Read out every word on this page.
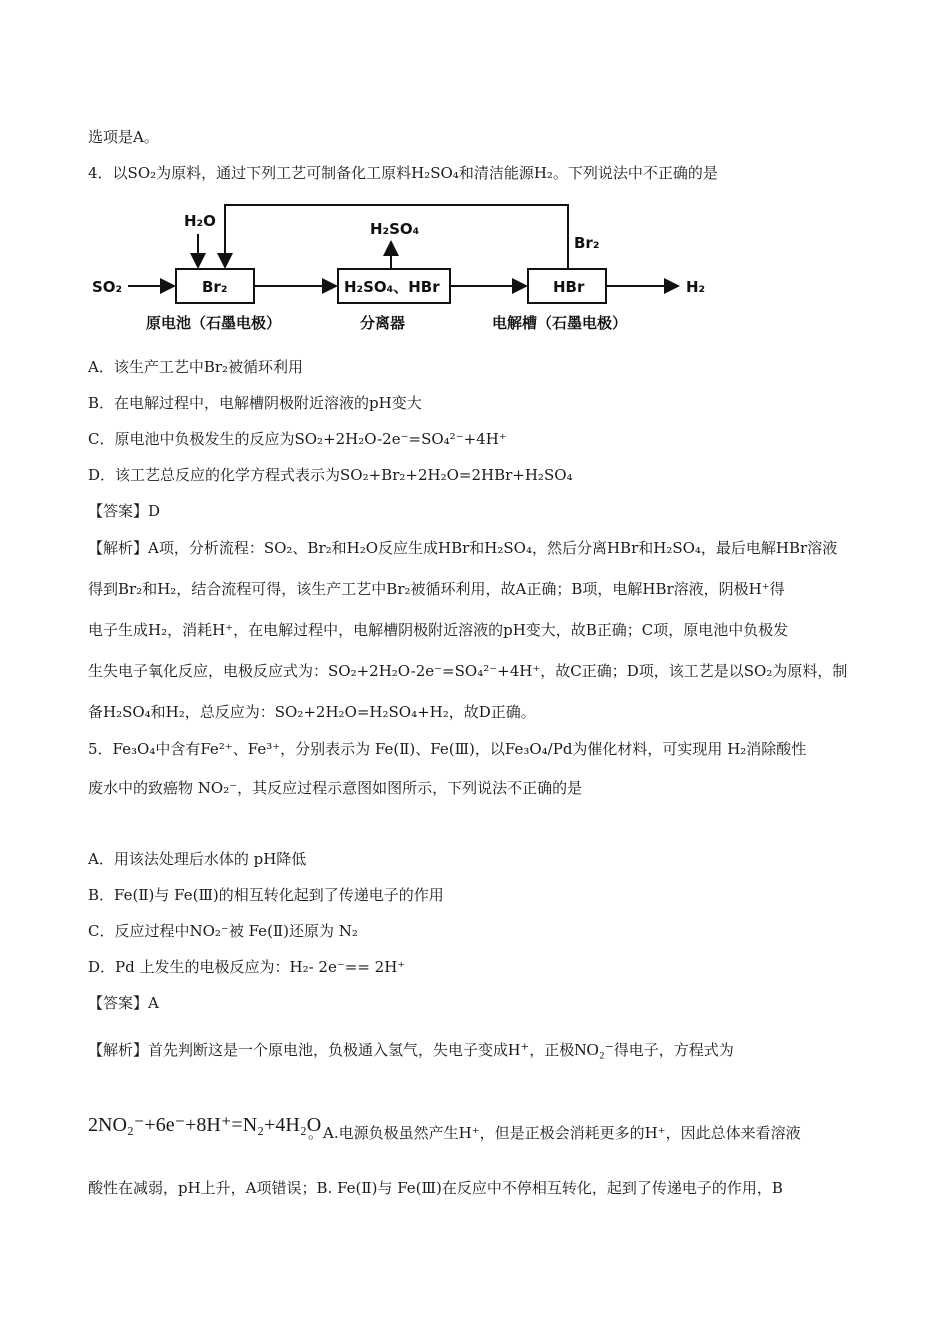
选项是A。
4．以SO₂为原料，通过下列工艺可制备化工原料H₂SO₄和清洁能源H₂。下列说法中不正确的是
SO₂
H₂O
Br₂
H₂SO₄
H₂SO₄、HBr
Br₂
HBr	H₂
原电池（石墨电极）	分离器	电解槽（石墨电极）
A．该生产工艺中Br₂被循环利用
B．在电解过程中，电解槽阴极附近溶液的pH变大
C．原电池中负极发生的反应为SO₂+2H₂O-2e⁻=SO₄²⁻+4H⁺
D．该工艺总反应的化学方程式表示为SO₂+Br₂+2H₂O=2HBr+H₂SO₄
【答案】D
【解析】A项，分析流程：SO₂、Br₂和H₂O反应生成HBr和H₂SO₄，然后分离HBr和H₂SO₄，最后电解HBr溶液
得到Br₂和H₂，结合流程可得，该生产工艺中Br₂被循环利用，故A正确；B项，电解HBr溶液，阴极H⁺得
电子生成H₂，消耗H⁺，在电解过程中，电解槽阴极附近溶液的pH变大，故B正确；C项，原电池中负极发
生失电子氧化反应，电极反应式为：SO₂+2H₂O-2e⁻=SO₄²⁻+4H⁺，故C正确；D项，该工艺是以SO₂为原料，制
备H₂SO₄和H₂，总反应为：SO₂+2H₂O=H₂SO₄+H₂，故D正确。
5．Fe₃O₄中含有Fe²⁺、Fe³⁺，分别表示为 Fe(Ⅱ)、Fe(Ⅲ)，以Fe₃O₄/Pd为催化材料，可实现用 H₂消除酸性
废水中的致癌物 NO₂⁻，其反应过程示意图如图所示，下列说法不正确的是
A．用该法处理后水体的 pH降低
B．Fe(Ⅱ)与 Fe(Ⅲ)的相互转化起到了传递电子的作用
C．反应过程中NO₂⁻被 Fe(Ⅱ)还原为 N₂
D．Pd 上发生的电极反应为：H₂- 2e⁻== 2H⁺
【答案】A
【解析】首先判断这是一个原电池，负极通入氢气，失电子变成H⁺，正极NO₂⁻得电子，方程式为
2NO₂⁻+6e⁻+8H⁺=N₂+4H₂O
。A.电源负极虽然产生H⁺，但是正极会消耗更多的H⁺，因此总体来看溶液
酸性在减弱，pH上升，A项错误；B. Fe(Ⅱ)与 Fe(Ⅲ)在反应中不停相互转化，起到了传递电子的作用，B
